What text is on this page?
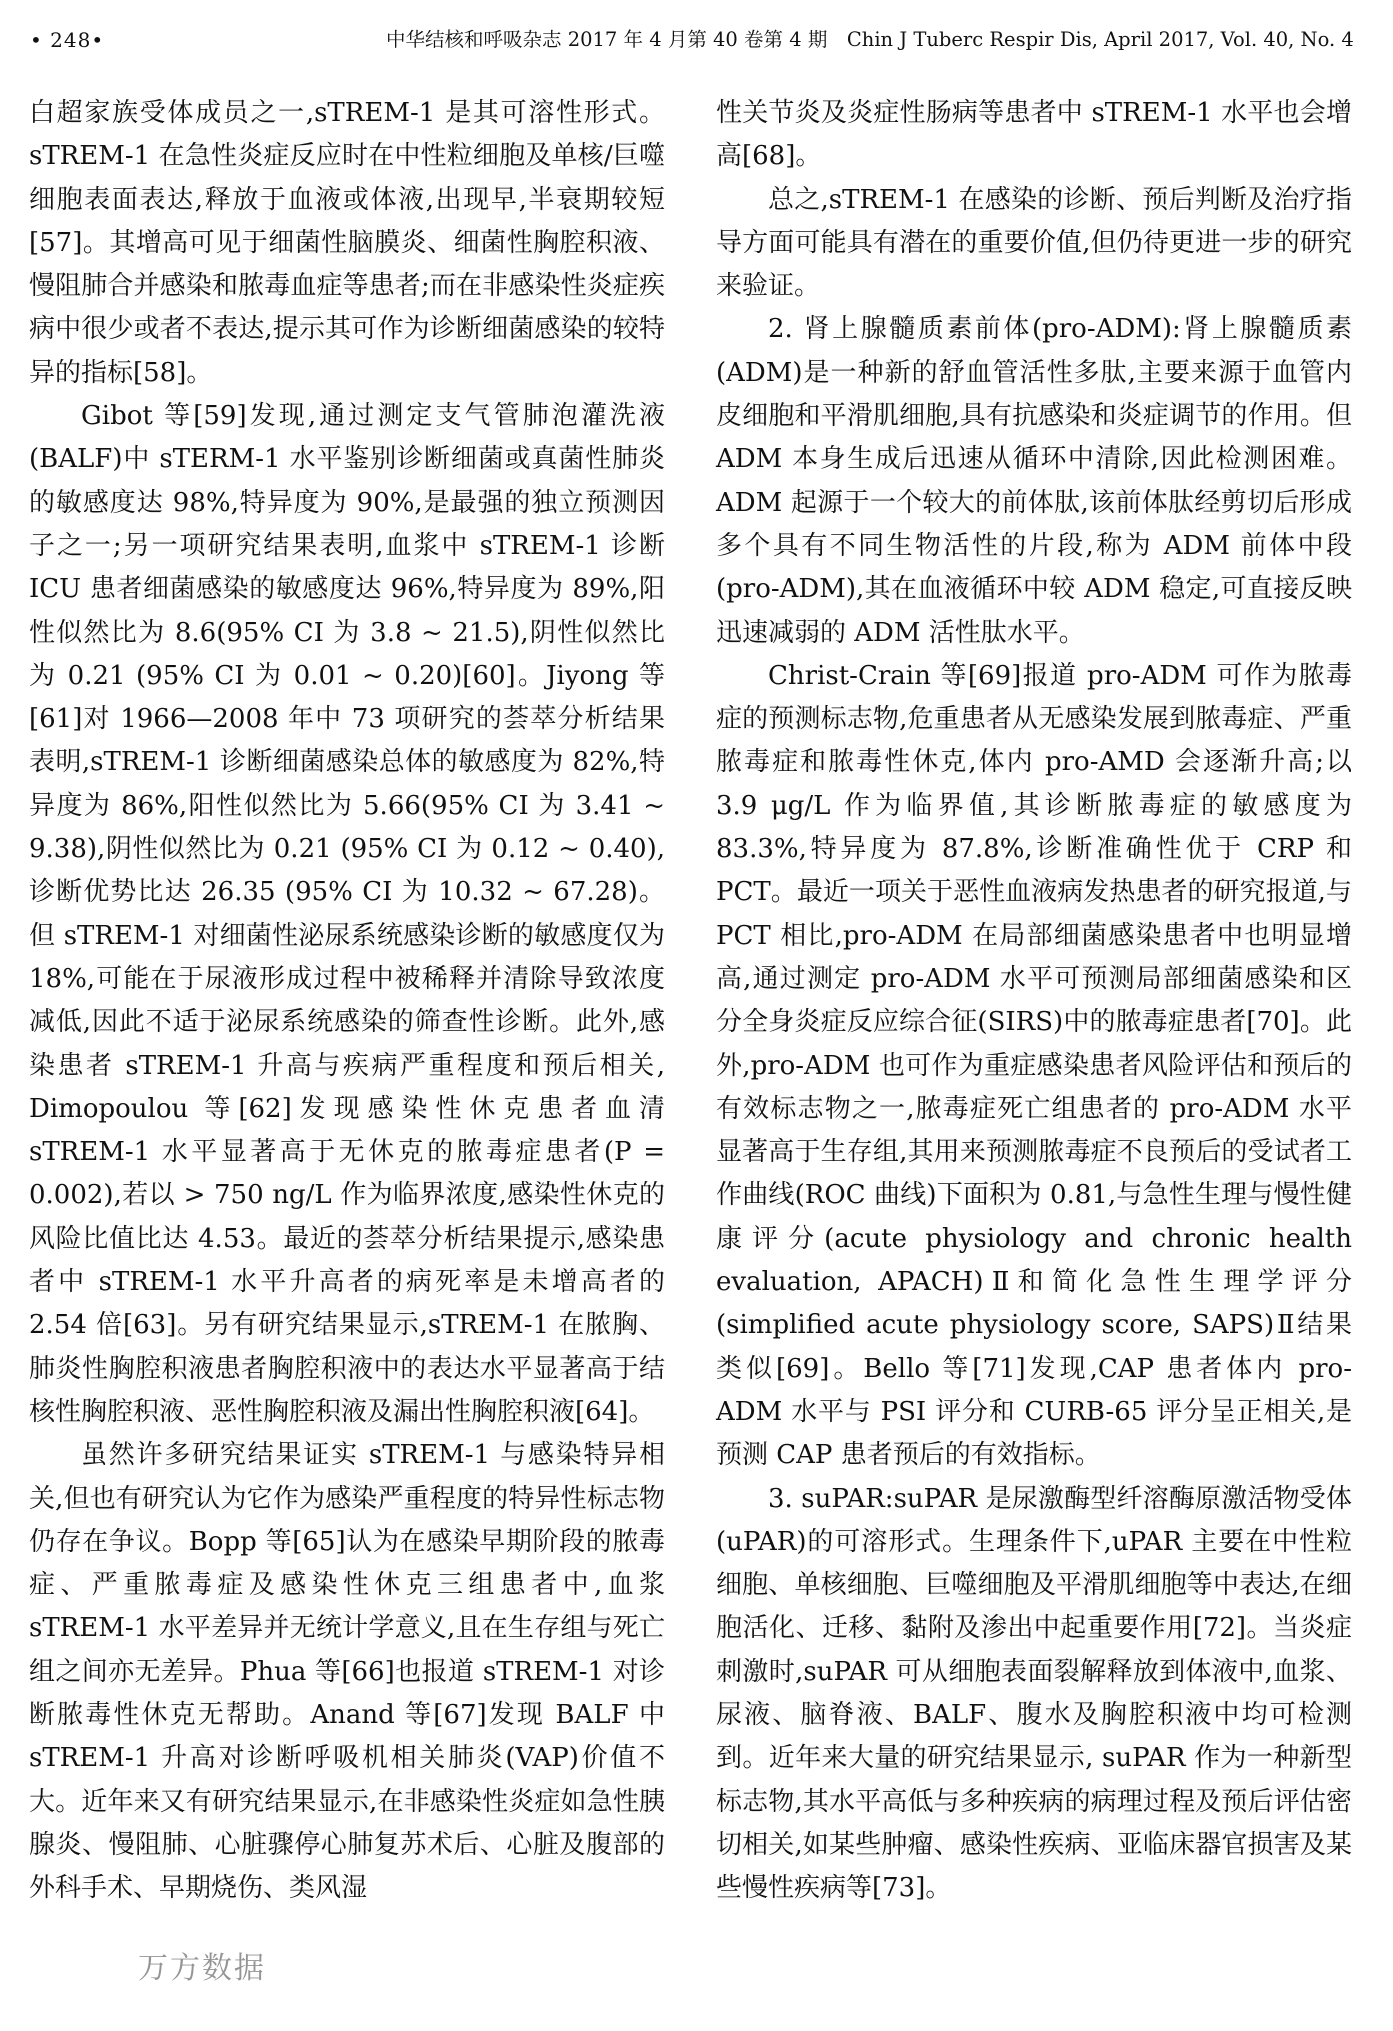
• 248•	中华结核和呼吸杂志 2017 年 4 月第 40 卷第 4 期　Chin J Tuberc Respir Dis, April 2017, Vol. 40, No. 4

白超家族受体成员之一,sTREM-1 是其可溶性形式。sTREM-1 在急性炎症反应时在中性粒细胞及单核/巨噬细胞表面表达,释放于血液或体液,出现早,半衰期较短[57]。其增高可见于细菌性脑膜炎、细菌性胸腔积液、慢阻肺合并感染和脓毒血症等患者;而在非感染性炎症疾病中很少或者不表达,提示其可作为诊断细菌感染的较特异的指标[58]。

Gibot 等[59]发现,通过测定支气管肺泡灌洗液(BALF)中 sTERM-1 水平鉴别诊断细菌或真菌性肺炎的敏感度达 98%,特异度为 90%,是最强的独立预测因子之一;另一项研究结果表明,血浆中 sTREM-1 诊断 ICU 患者细菌感染的敏感度达 96%,特异度为 89%,阳性似然比为 8.6(95% CI 为 3.8 ~ 21.5),阴性似然比为 0.21 (95% CI 为 0.01 ~ 0.20)[60]。Jiyong 等[61]对 1966—2008 年中 73 项研究的荟萃分析结果表明,sTREM-1 诊断细菌感染总体的敏感度为 82%,特异度为 86%,阳性似然比为 5.66(95% CI 为 3.41 ~ 9.38),阴性似然比为 0.21 (95% CI 为 0.12 ~ 0.40),诊断优势比达 26.35 (95% CI 为 10.32 ~ 67.28)。但 sTREM-1 对细菌性泌尿系统感染诊断的敏感度仅为 18%,可能在于尿液形成过程中被稀释并清除导致浓度减低,因此不适于泌尿系统感染的筛查性诊断。此外,感染患者 sTREM-1 升高与疾病严重程度和预后相关, Dimopoulou 等[62]发现感染性休克患者血清 sTREM-1 水平显著高于无休克的脓毒症患者(P = 0.002),若以 > 750 ng/L 作为临界浓度,感染性休克的风险比值比达 4.53。最近的荟萃分析结果提示,感染患者中 sTREM-1 水平升高者的病死率是未增高者的 2.54 倍[63]。另有研究结果显示,sTREM-1 在脓胸、肺炎性胸腔积液患者胸腔积液中的表达水平显著高于结核性胸腔积液、恶性胸腔积液及漏出性胸腔积液[64]。

虽然许多研究结果证实 sTREM-1 与感染特异相关,但也有研究认为它作为感染严重程度的特异性标志物仍存在争议。Bopp 等[65]认为在感染早期阶段的脓毒症、严重脓毒症及感染性休克三组患者中,血浆 sTREM-1 水平差异并无统计学意义,且在生存组与死亡组之间亦无差异。Phua 等[66]也报道 sTREM-1 对诊断脓毒性休克无帮助。Anand 等[67]发现 BALF 中 sTREM-1 升高对诊断呼吸机相关肺炎(VAP)价值不大。近年来又有研究结果显示,在非感染性炎症如急性胰腺炎、慢阻肺、心脏骤停心肺复苏术后、心脏及腹部的外科手术、早期烧伤、类风湿

性关节炎及炎症性肠病等患者中 sTREM-1 水平也会增高[68]。

总之,sTREM-1 在感染的诊断、预后判断及治疗指导方面可能具有潜在的重要价值,但仍待更进一步的研究来验证。

2. 肾上腺髓质素前体(pro-ADM):肾上腺髓质素(ADM)是一种新的舒血管活性多肽,主要来源于血管内皮细胞和平滑肌细胞,具有抗感染和炎症调节的作用。但 ADM 本身生成后迅速从循环中清除,因此检测困难。ADM 起源于一个较大的前体肽,该前体肽经剪切后形成多个具有不同生物活性的片段,称为 ADM 前体中段(pro-ADM),其在血液循环中较 ADM 稳定,可直接反映迅速减弱的 ADM 活性肽水平。

Christ-Crain 等[69]报道 pro-ADM 可作为脓毒症的预测标志物,危重患者从无感染发展到脓毒症、严重脓毒症和脓毒性休克,体内 pro-AMD 会逐渐升高;以 3.9 μg/L 作为临界值,其诊断脓毒症的敏感度为 83.3%,特异度为 87.8%,诊断准确性优于 CRP 和 PCT。最近一项关于恶性血液病发热患者的研究报道,与 PCT 相比,pro-ADM 在局部细菌感染患者中也明显增高,通过测定 pro-ADM 水平可预测局部细菌感染和区分全身炎症反应综合征(SIRS)中的脓毒症患者[70]。此外,pro-ADM 也可作为重症感染患者风险评估和预后的有效标志物之一,脓毒症死亡组患者的 pro-ADM 水平显著高于生存组,其用来预测脓毒症不良预后的受试者工作曲线(ROC 曲线)下面积为 0.81,与急性生理与慢性健康评分(acute physiology and chronic health evaluation, APACH)Ⅱ和简化急性生理学评分(simplified acute physiology score, SAPS)Ⅱ结果类似[69]。Bello 等[71]发现,CAP 患者体内 pro-ADM 水平与 PSI 评分和 CURB-65 评分呈正相关,是预测 CAP 患者预后的有效指标。

3. suPAR:suPAR 是尿激酶型纤溶酶原激活物受体(uPAR)的可溶形式。生理条件下,uPAR 主要在中性粒细胞、单核细胞、巨噬细胞及平滑肌细胞等中表达,在细胞活化、迁移、黏附及渗出中起重要作用[72]。当炎症刺激时,suPAR 可从细胞表面裂解释放到体液中,血浆、尿液、脑脊液、BALF、腹水及胸腔积液中均可检测到。近年来大量的研究结果显示, suPAR 作为一种新型标志物,其水平高低与多种疾病的病理过程及预后评估密切相关,如某些肿瘤、感染性疾病、亚临床器官损害及某些慢性疾病等[73]。

万方数据
